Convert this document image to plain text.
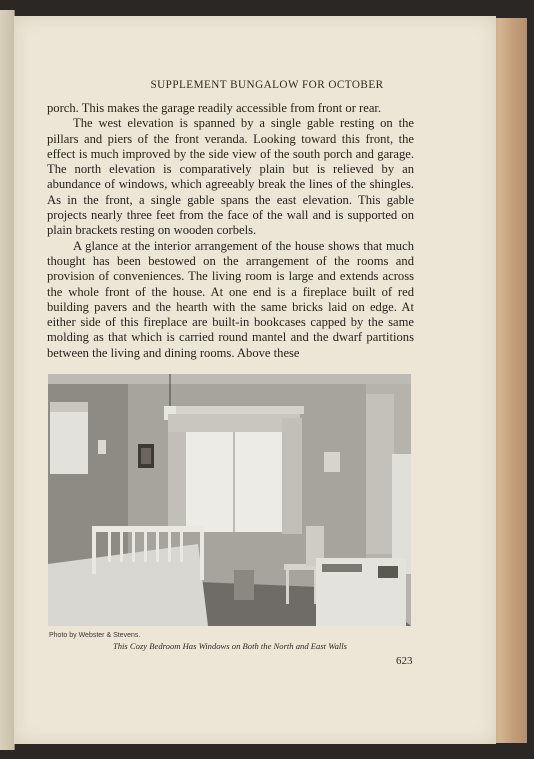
SUPPLEMENT BUNGALOW FOR OCTOBER

porch. This makes the garage readily accessible from front or rear.

The west elevation is spanned by a single gable resting on the pillars and piers of the front veranda. Looking toward this front, the effect is much improved by the side view of the south porch and garage. The north elevation is comparatively plain but is relieved by an abundance of windows, which agreeably break the lines of the shingles. As in the front, a single gable spans the east elevation. This gable projects nearly three feet from the face of the wall and is supported on plain brackets resting on wooden corbels.

A glance at the interior arrangement of the house shows that much thought has been bestowed on the arrangement of the rooms and provision of conveniences. The living room is large and extends across the whole front of the house. At one end is a fireplace built of red building pavers and the hearth with the same bricks laid on edge. At either side of this fireplace are built-in bookcases capped by the same molding as that which is carried round mantel and the dwarf partitions between the living and dining rooms. Above these

Photo by Webster & Stevens.

This Cozy Bedroom Has Windows on Both the North and East Walls

623
